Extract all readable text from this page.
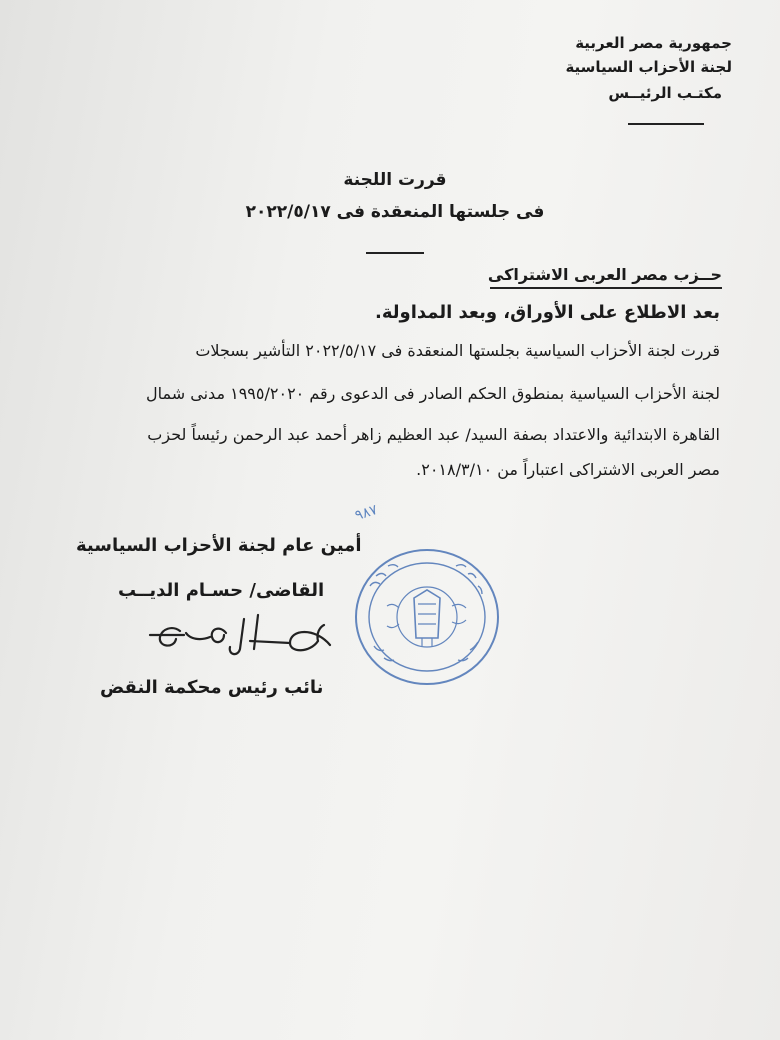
جمهورية مصر العربية
لجنة الأحزاب السياسية
مكتـب الرئيــس
قررت اللجنة
فى جلستها المنعقدة فى ٢٠٢٢/٥/١٧
حــزب مصر العربى الاشتراكى
بعد الاطلاع على الأوراق، وبعد المداولة.
قررت لجنة الأحزاب السياسية بجلستها المنعقدة فى ٢٠٢٢/٥/١٧ التأشير بسجلات
لجنة الأحزاب السياسية بمنطوق الحكم الصادر فى الدعوى رقم ١٩٩٥/٢٠٢٠ مدنى شمال
القاهرة الابتدائية والاعتداد بصفة السيد/ عبد العظيم زاهر أحمد عبد الرحمن رئيساً لحزب
مصر العربى الاشتراكى اعتباراً من ٢٠١٨/٣/١٠.
٩٨٧
أمين عام لجنة الأحزاب السياسية
القاضى/ حسـام الديــب
نائب رئيس محكمة النقض
